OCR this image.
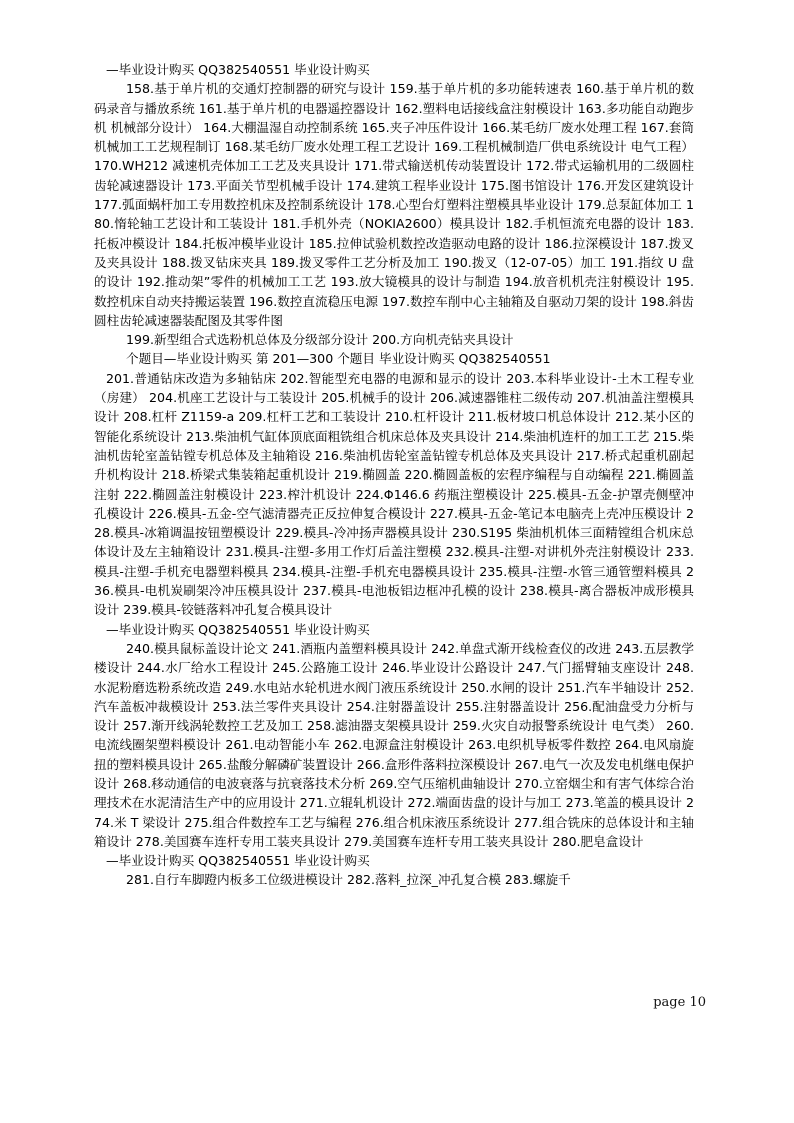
—毕业设计购买 QQ382540551 毕业设计购买

158.基于单片机的交通灯控制器的研究与设计 159.基于单片机的多功能转速表 160.基于单片机的数码录音与播放系统 161.基于单片机的电器遥控器设计 162.塑料电话接线盒注射模设计 163.多功能自动跑步机 机械部分设计） 164.大棚温湿自动控制系统 165.夹子冲压件设计 166.某毛纺厂废水处理工程 167.套筒机械加工工艺规程制订 168.某毛纺厂废水处理工程工艺设计 169.工程机械制造厂供电系统设计 电气工程） 170.WH212 减速机壳体加工工艺及夹具设计 171.带式输送机传动装置设计 172.带式运输机用的二级圆柱齿轮减速器设计 173.平面关节型机械手设计 174.建筑工程毕业设计 175.图书馆设计 176.开发区建筑设计 177.弧面蜗杆加工专用数控机床及控制系统设计 178.心型台灯塑料注塑模具毕业设计 179.总泵缸体加工 180.惰轮轴工艺设计和工装设计 181.手机外壳（NOKIA2600）模具设计 182.手机恒流充电器的设计 183.托板冲模设计 184.托板冲模毕业设计 185.拉伸试验机数控改造驱动电路的设计 186.拉深模设计 187.拨叉及夹具设计 188.拨叉钻床夹具 189.拨叉零件工艺分析及加工 190.拨叉（12-07-05）加工 191.指纹 U 盘的设计 192.推动架”零件的机械加工工艺 193.放大镜模具的设计与制造 194.放音机机壳注射模设计 195.数控机床自动夹持搬运装置 196.数控直流稳压电源 197.数控车削中心主轴箱及自驱动刀架的设计 198.斜齿圆柱齿轮减速器装配图及其零件图

199.新型组合式选粉机总体及分级部分设计 200.方向机壳钻夹具设计

个题目—毕业设计购买 第 201—300 个题目 毕业设计购买 QQ382540551

201.普通钻床改造为多轴钻床 202.智能型充电器的电源和显示的设计 203.本科毕业设计-土木工程专业（房建） 204.机座工艺设计与工装设计 205.机械手的设计 206.减速器锥柱二级传动 207.机油盖注塑模具设计 208.杠杆 Z1159-a 209.杠杆工艺和工装设计 210.杠杆设计 211.板材坡口机总体设计 212.某小区的智能化系统设计 213.柴油机气缸体顶底面粗铣组合机床总体及夹具设计 214.柴油机连杆的加工工艺 215.柴油机齿轮室盖钻镗专机总体及主轴箱设 216.柴油机齿轮室盖钻镗专机总体及夹具设计 217.桥式起重机副起升机构设计 218.桥梁式集装箱起重机设计 219.椭圆盖 220.椭圆盖板的宏程序编程与自动编程 221.椭圆盖注射 222.椭圆盖注射模设计 223.榨汁机设计 224.Φ146.6 药瓶注塑模设计 225.模具-五金-护罩壳侧壁冲孔模设计 226.模具-五金-空气滤清器壳正反拉伸复合模设计 227.模具-五金-笔记本电脑壳上壳冲压模设计 228.模具-冰箱调温按钮塑模设计 229.模具-冷冲扬声器模具设计 230.S195 柴油机机体三面精镗组合机床总体设计及左主轴箱设计 231.模具-注塑-多用工作灯后盖注塑模 232.模具-注塑-对讲机外壳注射模设计 233.模具-注塑-手机充电器塑料模具 234.模具-注塑-手机充电器模具设计 235.模具-注塑-水管三通管塑料模具 236.模具-电机炭刷架冷冲压模具设计 237.模具-电池板铝边框冲孔模的设计 238.模具-离合器板冲成形模具设计 239.模具-铰链落料冲孔复合模具设计

—毕业设计购买 QQ382540551 毕业设计购买

240.模具鼠标盖设计论文 241.酒瓶内盖塑料模具设计 242.单盘式渐开线检查仪的改进 243.五层教学楼设计 244.水厂给水工程设计 245.公路施工设计 246.毕业设计公路设计 247.气门摇臂轴支座设计 248.水泥粉磨选粉系统改造 249.水电站水轮机进水阀门液压系统设计 250.水闸的设计 251.汽车半轴设计 252.汽车盖板冲裁模设计 253.法兰零件夹具设计 254.注射器盖设计 255.注射器盖设计 256.配油盘受力分析与设计 257.渐开线涡轮数控工艺及加工 258.滤油器支架模具设计 259.火灾自动报警系统设计 电气类） 260.电流线圈架塑料模设计 261.电动智能小车 262.电源盒注射模设计 263.电织机导板零件数控 264.电风扇旋扭的塑料模具设计 265.盐酸分解磷矿装置设计 266.盒形件落料拉深模设计 267.电气一次及发电机继电保护设计 268.移动通信的电波衰落与抗衰落技术分析 269.空气压缩机曲轴设计 270.立窑烟尘和有害气体综合治理技术在水泥清洁生产中的应用设计 271.立辊轧机设计 272.端面齿盘的设计与加工 273.笔盖的模具设计 274.米 T 梁设计 275.组合件数控车工艺与编程 276.组合机床液压系统设计 277.组合铣床的总体设计和主轴箱设计 278.美国赛车连杆专用工装夹具设计 279.美国赛车连杆专用工装夹具设计 280.肥皂盒设计

—毕业设计购买 QQ382540551 毕业设计购买

281.自行车脚蹬内板多工位级进模设计 282.落料_拉深_冲孔复合模 283.螺旋千

page 10
